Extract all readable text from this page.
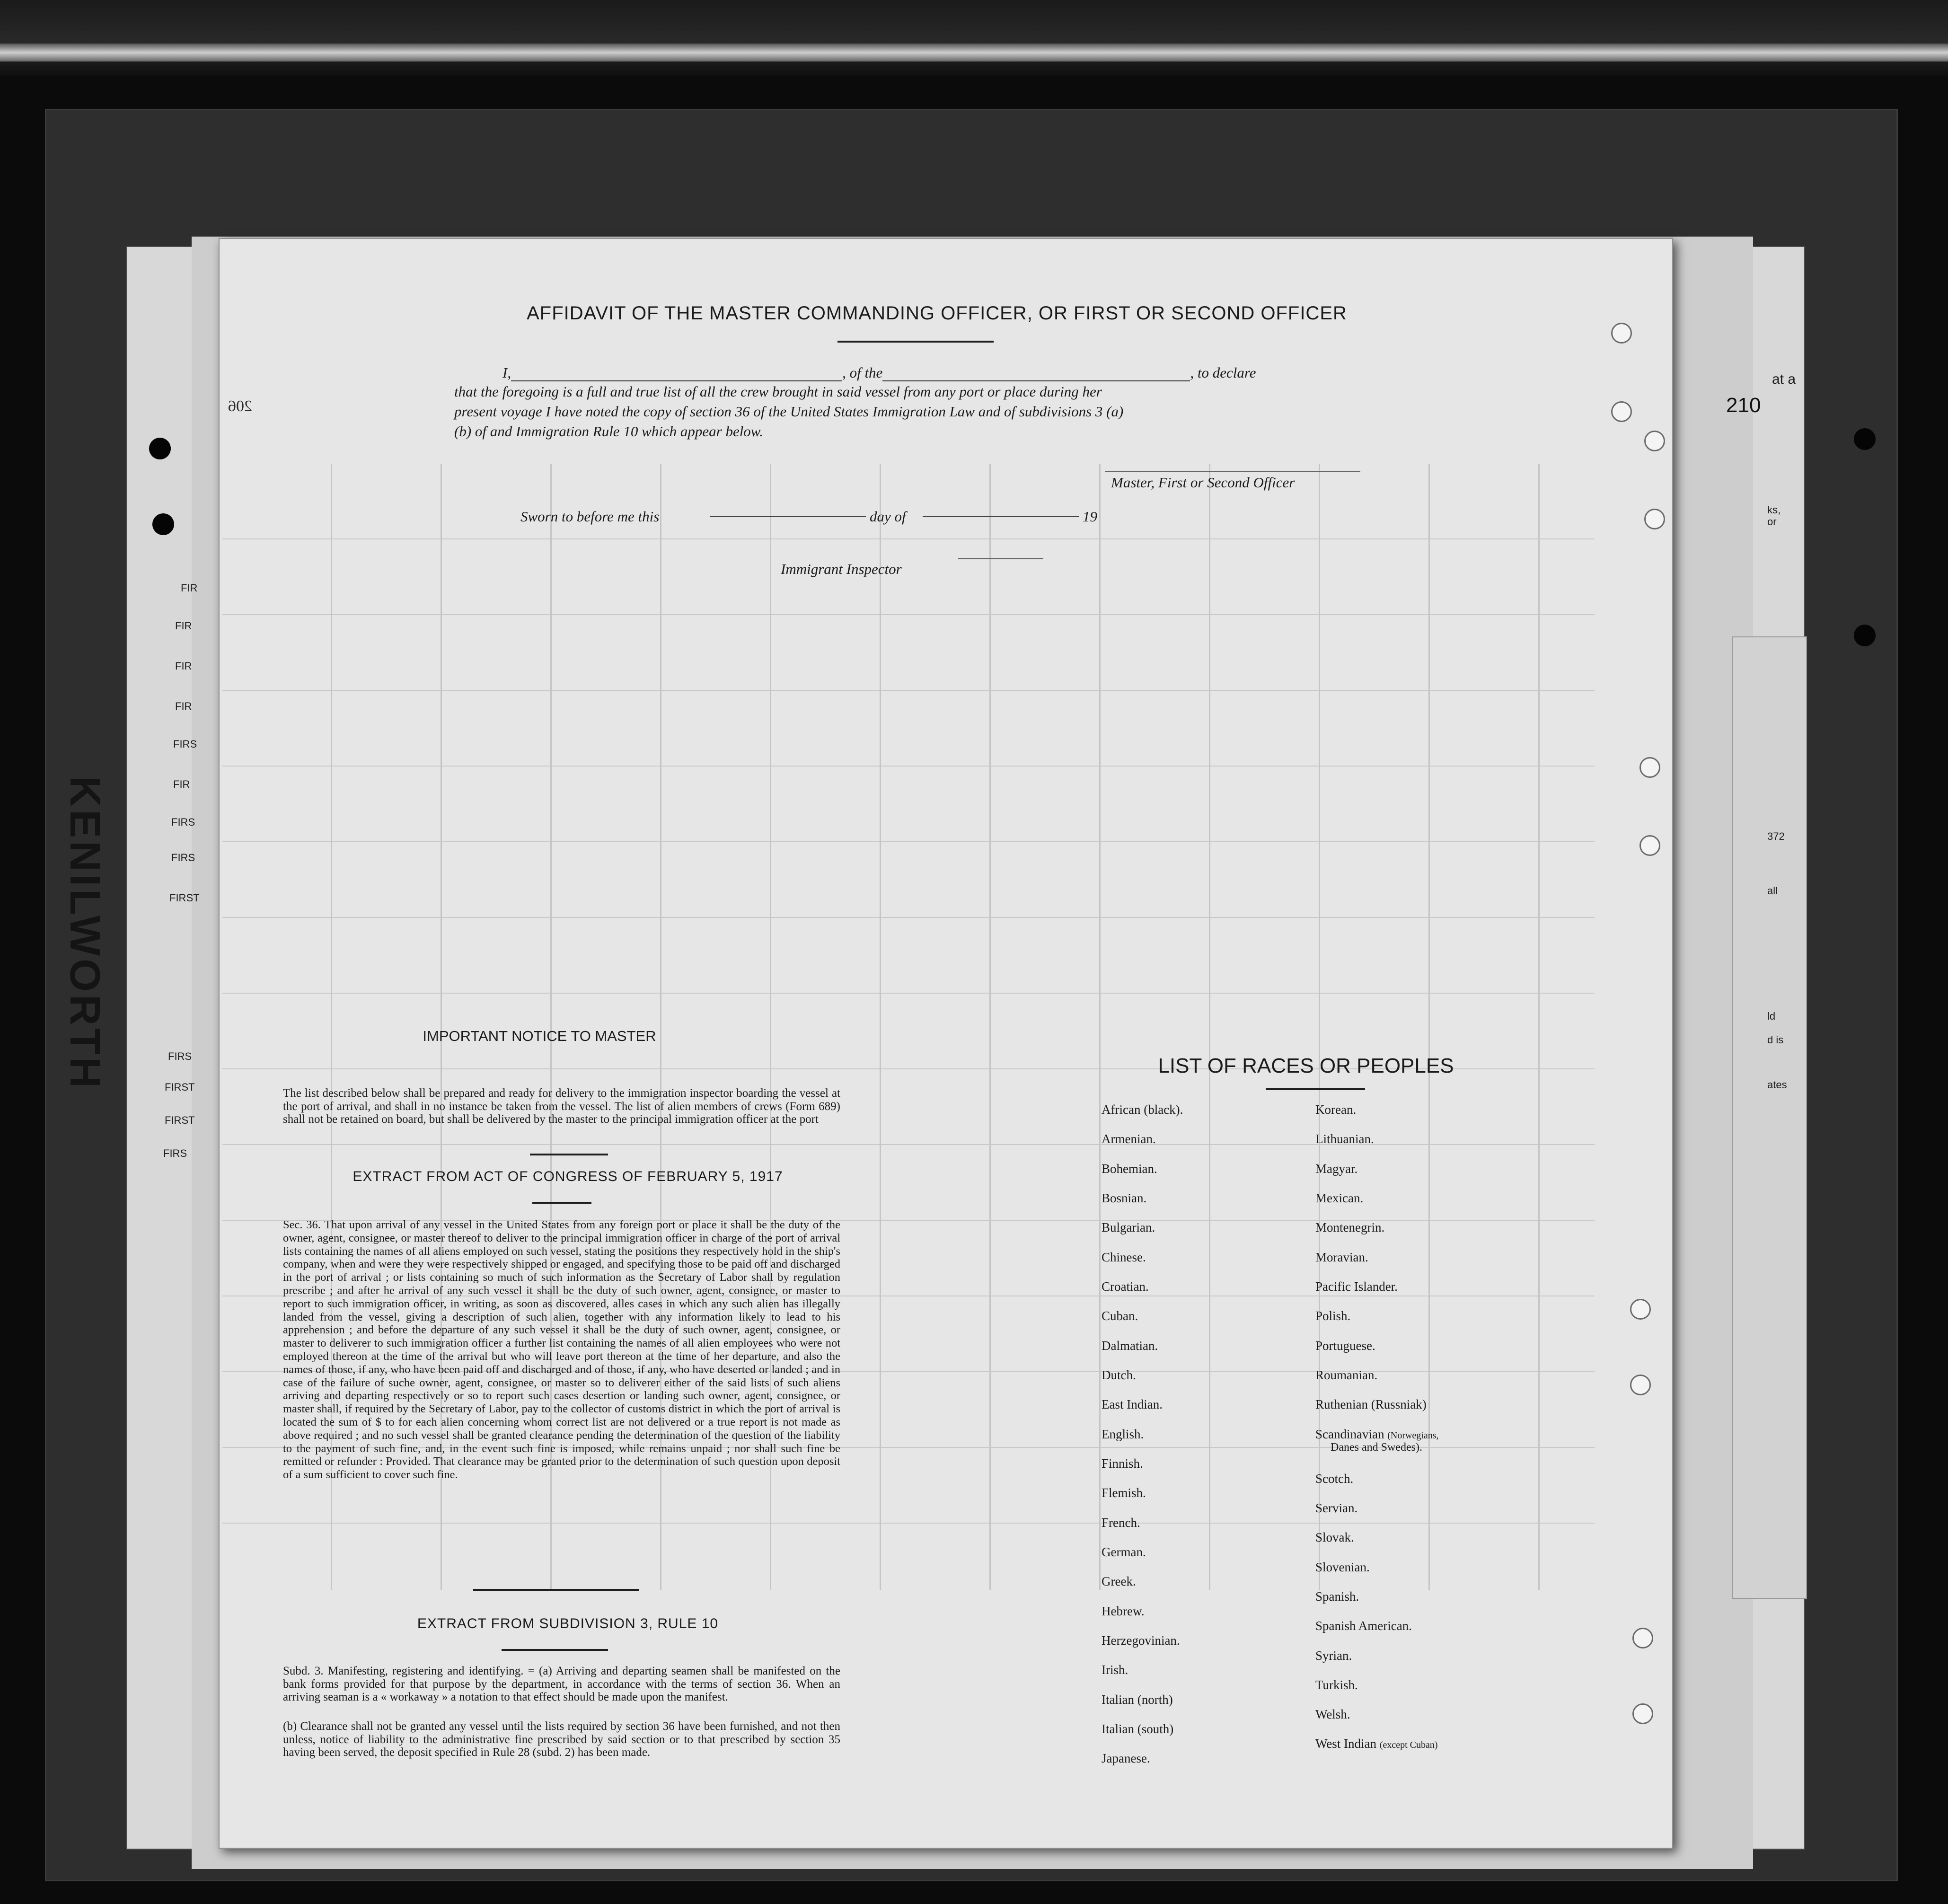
KENILWORTH
FIR
FIR
FIR
FIR
FIRS
FIR
FIRS
FIRS
FIRST
FIRS
FIRST
FIRST
FIRS
at a
ks,
or
372
all
ld
d is
ates
210
206
AFFIDAVIT OF THE MASTER COMMANDING OFFICER, OR FIRST OR SECOND OFFICER
I,	, of the	, to declare
that the foregoing is a full and true list of all the crew brought in said vessel from any port or place during her
present voyage I have noted the copy of section 36 of the United States Immigration Law and of subdivisions 3 (a)
(b) of and Immigration Rule 10 which appear below.
Master, First or Second Officer
Sworn to before me this	day of	19
Immigrant Inspector
IMPORTANT NOTICE TO MASTER
The list described below shall be prepared and ready for delivery to the immigration inspector boarding the vessel at the port of arrival, and shall in no instance be taken from the vessel. The list of alien members of crews (Form 689) shall not be retained on board, but shall be delivered by the master to the principal immigration officer at the port
EXTRACT FROM ACT OF CONGRESS OF FEBRUARY 5, 1917
Sec. 36. That upon arrival of any vessel in the United States from any foreign port or place it shall be the duty of the owner, agent, consignee, or master thereof to deliver to the principal immigration officer in charge of the port of arrival lists containing the names of all aliens employed on such vessel, stating the positions they respectively hold in the ship's company, when and were they were respectively shipped or engaged, and specifying those to be paid off and discharged in the port of arrival ; or lists containing so much of such information as the Secretary of Labor shall by regulation prescribe ; and after he arrival of any such vessel it shall be the duty of such owner, agent, consignee, or master to report to such immigration officer, in writing, as soon as discovered, alles cases in which any such alien has illegally landed from the vessel, giving a description of such alien, together with any information likely to lead to his apprehension ; and before the departure of any such vessel it shall be the duty of such owner, agent, consignee, or master to deliverer to such immigration officer a further list containing the names of all alien employees who were not employed thereon at the time of the arrival but who will leave port thereon at the time of her departure, and also the names of those, if any, who have been paid off and discharged and of those, if any, who have deserted or landed ; and in case of the failure of suche owner, agent, consignee, or master so to deliverer either of the said lists of such aliens arriving and departing respectively or so to report such cases desertion or landing such owner, agent, consignee, or master shall, if required by the Secretary of Labor, pay to the collector of customs district in which the port of arrival is located the sum of $ to for each alien concerning whom correct list are not delivered or a true report is not made as above required ; and no such vessel shall be granted clearance pending the determination of the question of the liability to the payment of such fine, and, in the event such fine is imposed, while remains unpaid ; nor shall such fine be remitted or refunder : Provided. That clearance may be granted prior to the determination of such question upon deposit of a sum sufficient to cover such fine.
EXTRACT FROM SUBDIVISION 3, RULE 10
Subd. 3. Manifesting, registering and identifying. = (a) Arriving and departing seamen shall be manifested on the bank forms provided for that purpose by the department, in accordance with the terms of section 36. When an arriving seaman is a « workaway » a notation to that effect should be made upon the manifest.
(b) Clearance shall not be granted any vessel until the lists required by section 36 have been furnished, and not then unless, notice of liability to the administrative fine prescribed by said section or to that prescribed by section 35 having been served, the deposit specified in Rule 28 (subd. 2) has been made.
LIST OF RACES OR PEOPLES
African (black).
Armenian.
Bohemian.
Bosnian.
Bulgarian.
Chinese.
Croatian.
Cuban.
Dalmatian.
Dutch.
East Indian.
English.
Finnish.
Flemish.
French.
German.
Greek.
Hebrew.
Herzegovinian.
Irish.
Italian (north)
Italian (south)
Japanese.
Korean.
Lithuanian.
Magyar.
Mexican.
Montenegrin.
Moravian.
Pacific Islander.
Polish.
Portuguese.
Roumanian.
Ruthenian (Russniak)
Scandinavian (Norwegians,
Danes and Swedes).
Scotch.
Servian.
Slovak.
Slovenian.
Spanish.
Spanish American.
Syrian.
Turkish.
Welsh.
West Indian (except Cuban)
